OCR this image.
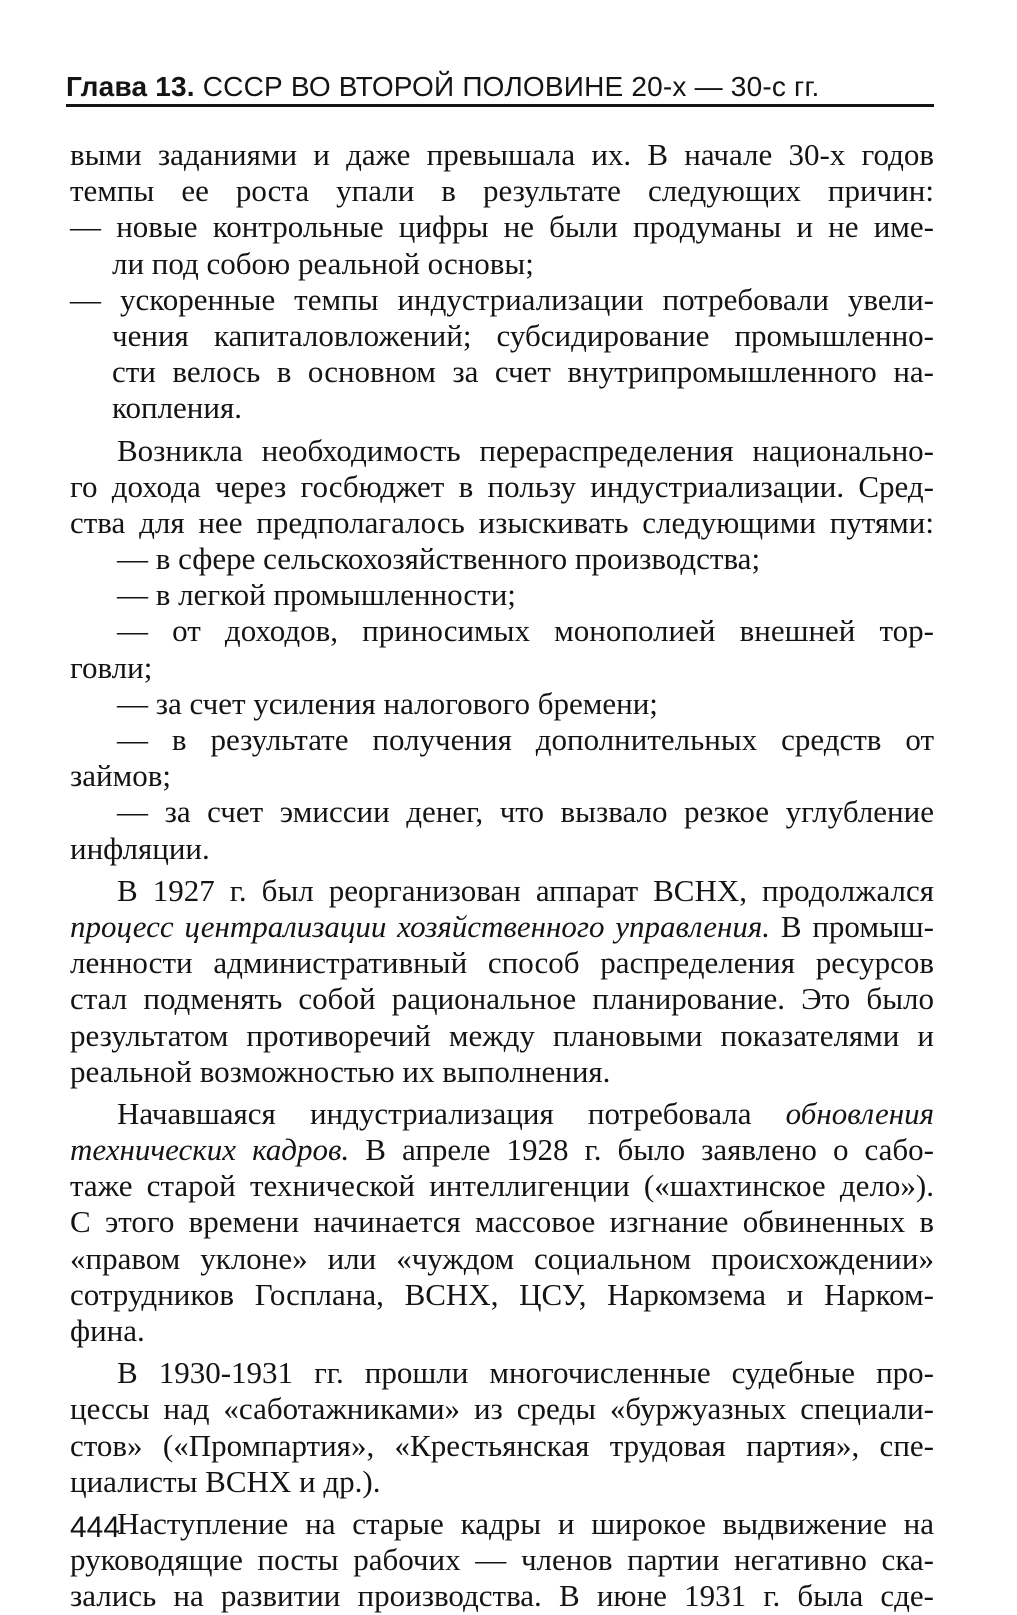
Глава 13. СССР ВО ВТОРОЙ ПОЛОВИНЕ 20-х — 30-с гг.
выми заданиями и даже превышала их. В начале 30-х годов
темпы ее роста упали в результате следующих причин:
— новые контрольные цифры не были продуманы и не име-
ли под собою реальной основы;
— ускоренные темпы индустриализации потребовали увели-
чения капиталовложений; субсидирование промышленно-
сти велось в основном за счет внутрипромышленного на-
копления.
Возникла необходимость перераспределения национально-
го дохода через госбюджет в пользу индустриализации. Сред-
ства для нее предполагалось изыскивать следующими путями:
— в сфере сельскохозяйственного производства;
— в легкой промышленности;
— от доходов, приносимых монополией внешней тор-
говли;
— за счет усиления налогового бремени;
— в результате получения дополнительных средств от
займов;
— за счет эмиссии денег, что вызвало резкое углубление
инфляции.
В 1927 г. был реорганизован аппарат ВСНХ, продолжался
процесс централизации хозяйственного управления. В промыш-
ленности административный способ распределения ресурсов
стал подменять собой рациональное планирование. Это было
результатом противоречий между плановыми показателями и
реальной возможностью их выполнения.
Начавшаяся индустриализация потребовала обновления
технических кадров. В апреле 1928 г. было заявлено о сабо-
таже старой технической интеллигенции («шахтинское дело»).
С этого времени начинается массовое изгнание обвиненных в
«правом уклоне» или «чуждом социальном происхождении»
сотрудников Госплана, ВСНХ, ЦСУ, Наркомзема и Нарком-
фина.
В 1930-1931 гг. прошли многочисленные судебные про-
цессы над «саботажниками» из среды «буржуазных специали-
стов» («Промпартия», «Крестьянская трудовая партия», спе-
циалисты ВСНХ и др.).
Наступление на старые кадры и широкое выдвижение на
руководящие посты рабочих — членов партии негативно ска-
зались на развитии производства. В июне 1931 г. была сде-
444
